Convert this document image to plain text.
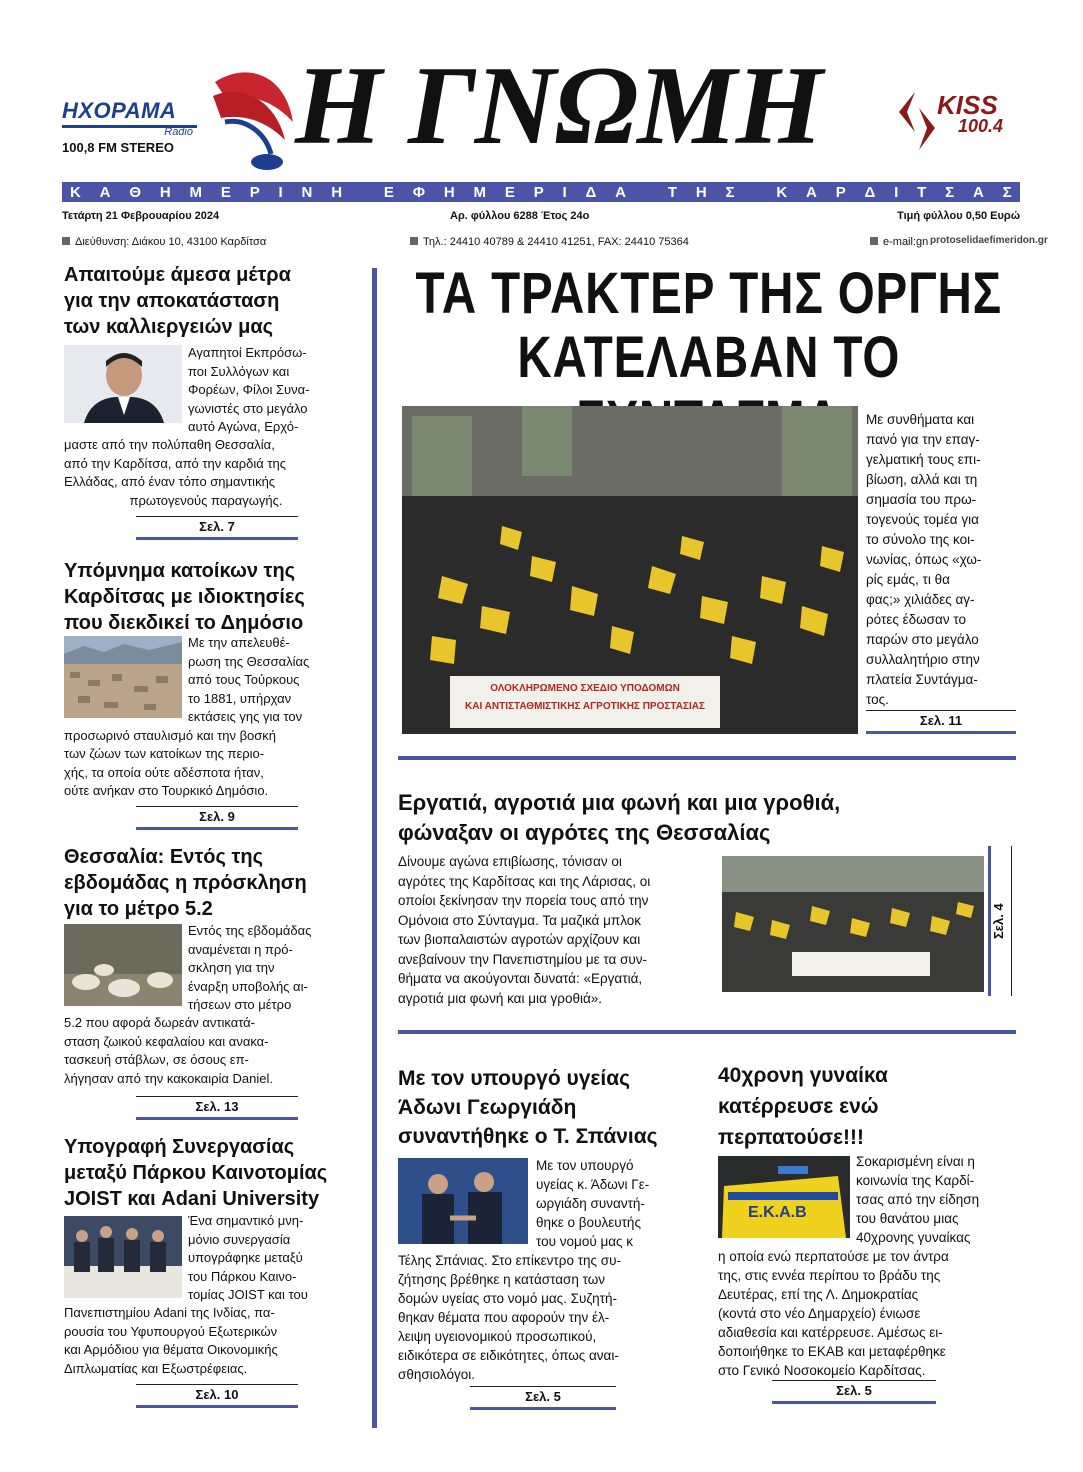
ΗΧΟΡΑΜΑ
Radio
100,8 FM STEREO Η ΓΝΩΜΗ	KISS
100.4
Κ Α Θ Η Μ Ε Ρ Ι Ν Η
	Ε Φ Η Μ Ε Ρ Ι Δ Α
	Τ Η Σ
	Κ Α Ρ Δ Ι Τ Σ Α Σ
Τετάρτη 21 Φεβρουαρίου 2024	Αρ. φύλλου 6288 Έτος 24ο	Τιμή φύλλου 0,50 Ευρώ
Διεύθυνση: Διάκου 10, 43100 Καρδίτσα	Τηλ.: 24410 40789 & 24410 41251, FAX: 24410 75364	e-mail:gn protoselidaefimeridon.gr
Απαιτούμε άμεσα μέτρα
για την αποκατάσταση
των καλλιεργειών μας
Αγαπητοί Εκπρόσω-
ποι Συλλόγων και
Φορέων, Φίλοι Συνα-
γωνιστές στο μεγάλο
αυτό Αγώνα, Ερχό-
μαστε από την πολύπαθη Θεσσαλία,
από την Καρδίτσα, από την καρδιά της
Ελλάδας, από έναν τόπο σημαντικής
πρωτογενούς παραγωγής.
Σελ. 7
Υπόμνημα κατοίκων της
Καρδίτσας με ιδιοκτησίες
που διεκδικεί το Δημόσιο
Με την απελευθέ-
ρωση της Θεσσαλίας
από τους Τούρκους
το 1881, υπήρχαν
εκτάσεις γης για τον
προσωρινό σταυλισμό και την βοσκή
των ζώων των κατοίκων της περιο-
χής, τα οποία ούτε αδέσποτα ήταν,
ούτε ανήκαν στο Τουρκικό Δημόσιο.
Σελ. 9
Θεσσαλία: Εντός της
εβδομάδας η πρόσκληση
για το μέτρο 5.2
Εντός της εβδομάδας
αναμένεται η πρό-
σκληση για την
έναρξη υποβολής αι-
τήσεων στο μέτρο
5.2 που αφορά δωρεάν αντικατά-
σταση ζωικού κεφαλαίου και ανακα-
τασκευή στάβλων, σε όσους επ-
λήγησαν από την κακοκαιρία Daniel.
Σελ. 13
Υπογραφή Συνεργασίας
μεταξύ Πάρκου Καινοτομίας
JOIST και Adani University
Ένα σημαντικό μνη-
μόνιο συνεργασία
υπογράφηκε μεταξύ
του Πάρκου Καινο-
τομίας JOIST και του
Πανεπιστημίου Adani της Ινδίας, πα-
ρουσία του Υφυπουργού Εξωτερικών
και Αρμόδιου για θέματα Οικονομικής
Διπλωματίας και Εξωστρέφειας.
Σελ. 10
ΤΑ ΤΡΑΚΤΕΡ ΤΗΣ ΟΡΓΗΣ
ΚΑΤΕΛΑΒΑΝ ΤΟ
ΟΛΟΚΛΗΡΩΜΕΝΟ ΣΧΕΔΙΟ ΥΠΟΔΟΜΩΝ
ΚΑΙ ΑΝΤΙΣΤΑΘΜΙΣΤΙΚΗΣ ΑΓΡΟΤΙΚΗΣ ΠΡΟΣΤΑΣΙΑΣ
Με συνθήματα και
πανό για την επαγ-
γελματική τους επι-
βίωση, αλλά και τη
σημασία του πρω-
τογενούς τομέα για
το σύνολο της κοι-
νωνίας, όπως «χω-
ρίς εμάς, τι θα
φας;» χιλιάδες αγ-
ρότες έδωσαν το
παρών στο μεγάλο
συλλαλητήριο στην
πλατεία Συντάγμα-
τος.
Σελ. 11
Εργατιά, αγροτιά μια φωνή και μια γροθιά,
φώναξαν οι αγρότες της Θεσσαλίας
Δίνουμε αγώνα επιβίωσης, τόνισαν οι
αγρότες της Καρδίτσας και της Λάρισας, οι
οποίοι ξεκίνησαν την πορεία τους από την
Ομόνοια στο Σύνταγμα. Τα μαζικά μπλοκ
των βιοπαλαιστών αγροτών αρχίζουν και
ανεβαίνουν την Πανεπιστημίου με τα συν-
θήματα να ακούγονται δυνατά: «Εργατιά,
αγροτιά μια φωνή και μια γροθιά».
Σελ. 4
Με τον υπουργό υγείας
Άδωνι Γεωργιάδη
συναντήθηκε ο Τ. Σπάνιας
Με τον υπουργό
υγείας κ. Άδωνι Γε-
ωργιάδη συναντή-
θηκε ο βουλευτής
του νομού μας κ
Τέλης Σπάνιας. Στο επίκεντρο της συ-
ζήτησης βρέθηκε η κατάσταση των
δομών υγείας στο νομό μας. Συζητή-
θηκαν θέματα που αφορούν την έλ-
λειψη υγειονομικού προσωπικού,
ειδικότερα σε ειδικότητες, όπως αναι-
σθησιολόγοι.
Σελ. 5
40χρονη γυναίκα
κατέρρευσε ενώ
περπατούσε!!!
Ε.Κ.Α.Β
Σοκαρισμένη είναι η
κοινωνία της Καρδί-
τσας από την είδηση
του θανάτου μιας
40χρονης γυναίκας
η οποία ενώ περπατούσε με τον άντρα
της, στις εννέα περίπου το βράδυ της
Δευτέρας, επί της Λ. Δημοκρατίας
(κοντά στο νέο Δημαρχείο) ένιωσε
αδιαθεσία και κατέρρευσε. Αμέσως ει-
δοποιήθηκε το ΕΚΑΒ και μεταφέρθηκε
στο Γενικό Νοσοκομείο Καρδίτσας.
Σελ. 5
